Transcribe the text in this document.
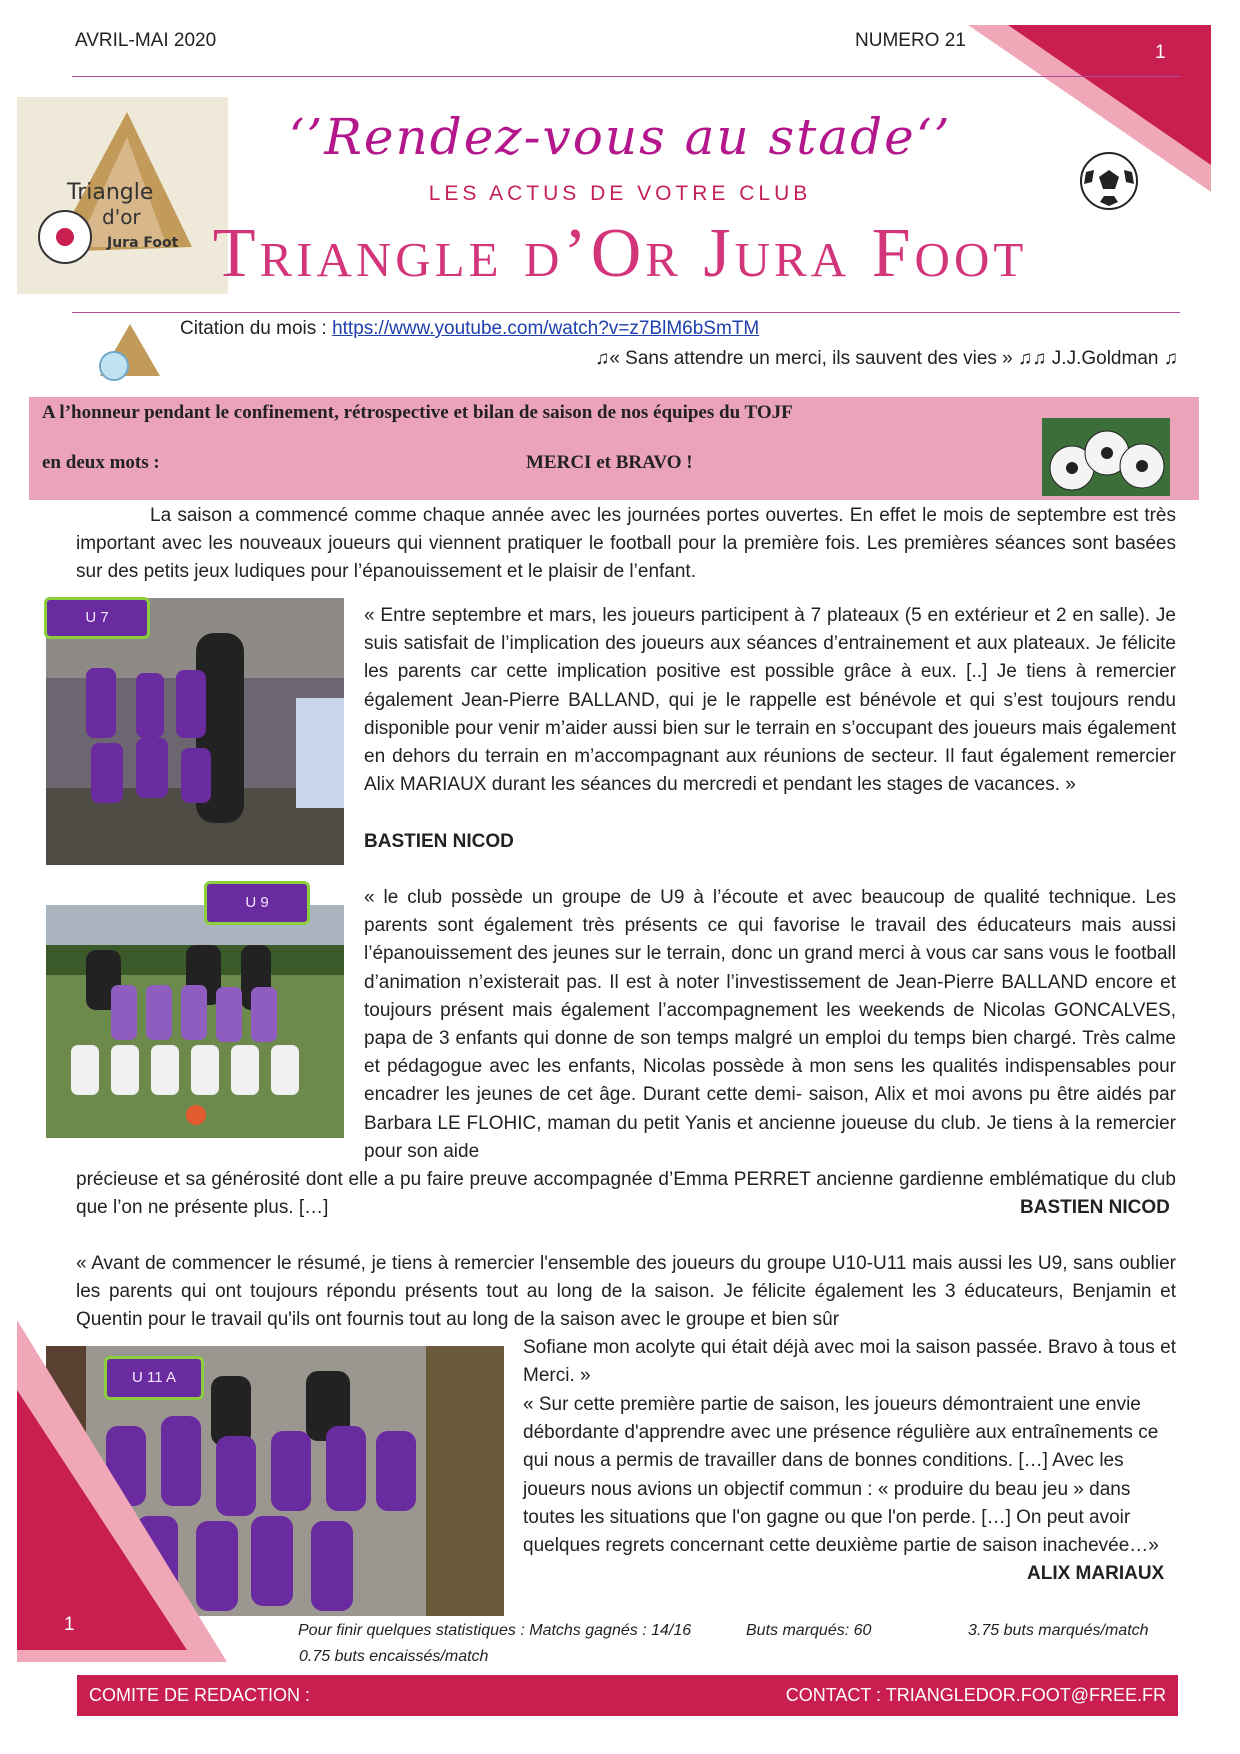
AVRIL-MAI 2020	NUMERO 21
1
Triangle
d'or
Jura Foot
‘’Rendez-vous au stade‘’
LES ACTUS DE VOTRE CLUB
Triangle d’Or Jura Foot
Citation du mois : https://www.youtube.com/watch?v=z7BlM6bSmTM
♫« Sans attendre un merci, ils sauvent des vies » ♫♫ J.J.Goldman ♫
A l’honneur pendant le confinement, rétrospective et bilan de saison de nos équipes du TOJF
en deux mots :	MERCI et BRAVO !
La saison a commencé comme chaque année avec les journées portes ouvertes. En effet le mois de septembre est très important avec les nouveaux joueurs qui viennent pratiquer le football pour la première fois. Les premières séances sont basées sur des petits jeux ludiques pour l’épanouissement et le plaisir de l’enfant.
U 7	« Entre septembre et mars, les joueurs participent à 7 plateaux (5 en extérieur et 2 en salle). Je suis satisfait de l’implication des joueurs aux séances d’entrainement et aux plateaux. Je félicite les parents car cette implication positive est possible grâce à eux. [..] Je tiens à remercier également Jean-Pierre BALLAND, qui je le rappelle est bénévole et qui s’est toujours rendu disponible pour venir m’aider aussi bien sur le terrain en s’occupant des joueurs mais également en dehors du terrain en m’accompagnant aux réunions de secteur. Il faut également remercier Alix MARIAUX durant les séances du mercredi et pendant les stages de vacances. »
BASTIEN NICOD
U 9	« le club possède un groupe de U9 à l’écoute et avec beaucoup de qualité technique. Les parents sont également très présents ce qui favorise le travail des éducateurs mais aussi l’épanouissement des jeunes sur le terrain, donc un grand merci à vous car sans vous le football d’animation n’existerait pas. Il est à noter l’investissement de Jean-Pierre BALLAND encore et toujours présent mais également l’accompagnement les weekends de Nicolas GONCALVES, papa de 3 enfants qui donne de son temps malgré un emploi du temps bien chargé. Très calme et pédagogue avec les enfants, Nicolas possède à mon sens les qualités indispensables pour encadrer les jeunes de cet âge. Durant cette demi- saison, Alix et moi avons pu être aidés par Barbara LE FLOHIC, maman du petit Yanis et ancienne joueuse du club. Je tiens à la remercier pour son aide
précieuse et sa générosité dont elle a pu faire preuve accompagnée d’Emma PERRET ancienne gardienne emblématique du club que l’on ne présente plus. […]	BASTIEN NICOD
« Avant de commencer le résumé, je tiens à remercier l'ensemble des joueurs du groupe U10-U11 mais aussi les U9, sans oublier les parents qui ont toujours répondu présents tout au long de la saison. Je félicite également les 3 éducateurs, Benjamin et Quentin pour le travail qu'ils ont fournis tout au long de la saison avec le groupe et bien sûr
U 11 A
Sofiane mon acolyte qui était déjà avec moi la saison passée. Bravo à tous et Merci. »
« Sur cette première partie de saison, les joueurs démontraient une envie débordante d'apprendre avec une présence régulière aux entraînements ce qui nous a permis de travailler dans de bonnes conditions. […] Avec les joueurs nous avions un objectif commun : « produire du beau jeu » dans toutes les situations que l'on gagne ou que l'on perde. […] On peut avoir quelques regrets concernant cette deuxième partie de saison inachevée…»
ALIX MARIAUX
1	Pour finir quelques statistiques : Matchs gagnés : 14/16	Buts marqués: 60	3.75 buts marqués/match
0.75 buts encaissés/match
COMITE DE REDACTION :	CONTACT : TRIANGLEDOR.FOOT@FREE.FR
